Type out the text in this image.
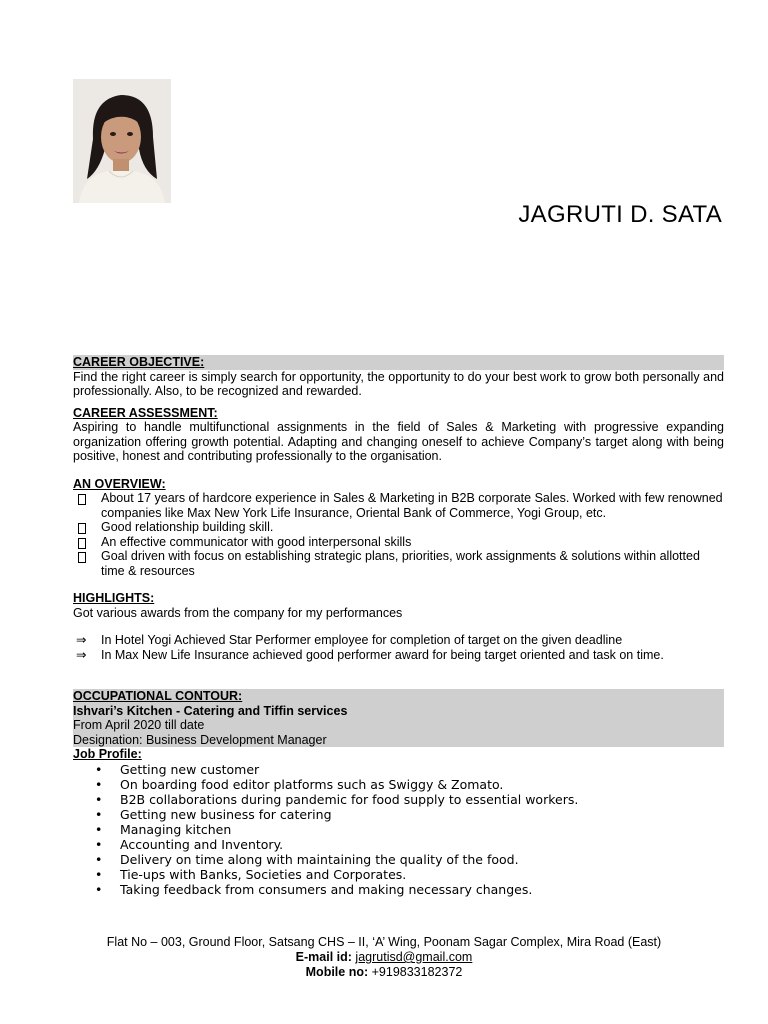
JAGRUTI D. SATA
CAREER OBJECTIVE:
Find the right career is simply search for opportunity, the opportunity to do your best work to grow both personally and professionally. Also, to be recognized and rewarded.
CAREER ASSESSMENT:
Aspiring to handle multifunctional assignments in the field of Sales & Marketing with progressive expanding organization offering growth potential. Adapting and changing oneself to achieve Company’s target along with being positive, honest and contributing professionally to the organisation.
AN OVERVIEW:
About 17 years of hardcore experience in Sales & Marketing in B2B corporate Sales. Worked with few renowned companies like Max New York Life Insurance, Oriental Bank of Commerce, Yogi Group, etc.
Good relationship building skill.
An effective communicator with good interpersonal skills
Goal driven with focus on establishing strategic plans, priorities, work assignments & solutions within allotted time & resources
HIGHLIGHTS:
Got various awards from the company for my performances
⇒ In Hotel Yogi Achieved Star Performer employee for completion of target on the given deadline
⇒ In Max New Life Insurance achieved good performer award for being target oriented and task on time.
OCCUPATIONAL CONTOUR:
Ishvari’s Kitchen - Catering and Tiffin services
From April 2020 till date
Designation: Business Development Manager
Job Profile:
• Getting new customer
• On boarding food editor platforms such as Swiggy & Zomato.
• B2B collaborations during pandemic for food supply to essential workers.
• Getting new business for catering
• Managing kitchen
• Accounting and Inventory.
• Delivery on time along with maintaining the quality of the food.
• Tie-ups with Banks, Societies and Corporates.
• Taking feedback from consumers and making necessary changes.
Flat No – 003, Ground Floor, Satsang CHS – II, ‘A’ Wing, Poonam Sagar Complex, Mira Road (East)
E-mail id: jagrutisd@gmail.com
Mobile no: +919833182372
